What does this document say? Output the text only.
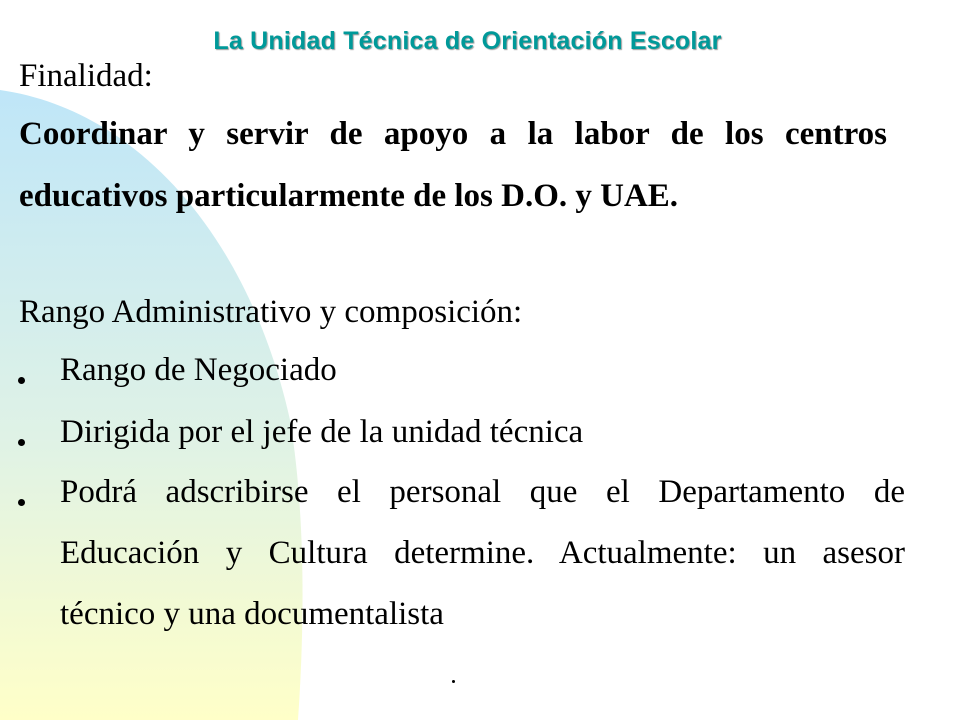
La Unidad Técnica de Orientación Escolar
Finalidad:
Coordinar y servir de apoyo a la labor de los centros
educativos particularmente de los D.O. y UAE.
Rango Administrativo y composición:
Rango de Negociado
Dirigida por el jefe de la unidad técnica
Podrá adscribirse el personal que el Departamento de
Educación y Cultura determine. Actualmente: un asesor
técnico y una documentalista
